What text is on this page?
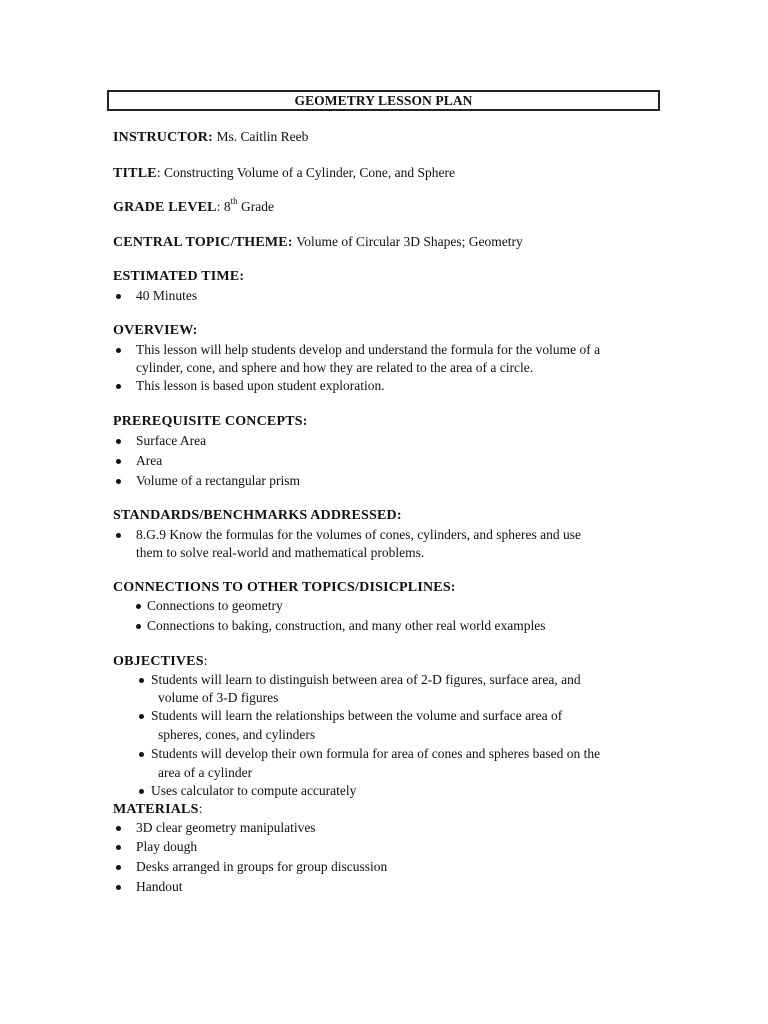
GEOMETRY LESSON PLAN
INSTRUCTOR: Ms. Caitlin Reeb
TITLE: Constructing Volume of a Cylinder, Cone, and Sphere
GRADE LEVEL: 8th Grade
CENTRAL TOPIC/THEME: Volume of Circular 3D Shapes; Geometry
ESTIMATED TIME:
40 Minutes
OVERVIEW:
This lesson will help students develop and understand the formula for the volume of a
cylinder, cone, and sphere and how they are related to the area of a circle.
This lesson is based upon student exploration.
PREREQUISITE CONCEPTS:
Surface Area
Area
Volume of a rectangular prism
STANDARDS/BENCHMARKS ADDRESSED:
8.G.9 Know the formulas for the volumes of cones, cylinders, and spheres and use
them to solve real-world and mathematical problems.
CONNECTIONS TO OTHER TOPICS/DISICPLINES:
Connections to geometry
Connections to baking, construction, and many other real world examples
OBJECTIVES:
Students will learn to distinguish between area of 2-D figures, surface area, and
volume of 3-D figures
Students will learn the relationships between the volume and surface area of
spheres, cones, and cylinders
Students will develop their own formula for area of cones and spheres based on the
area of a cylinder
Uses calculator to compute accurately
MATERIALS:
3D clear geometry manipulatives
Play dough
Desks arranged in groups for group discussion
Handout
